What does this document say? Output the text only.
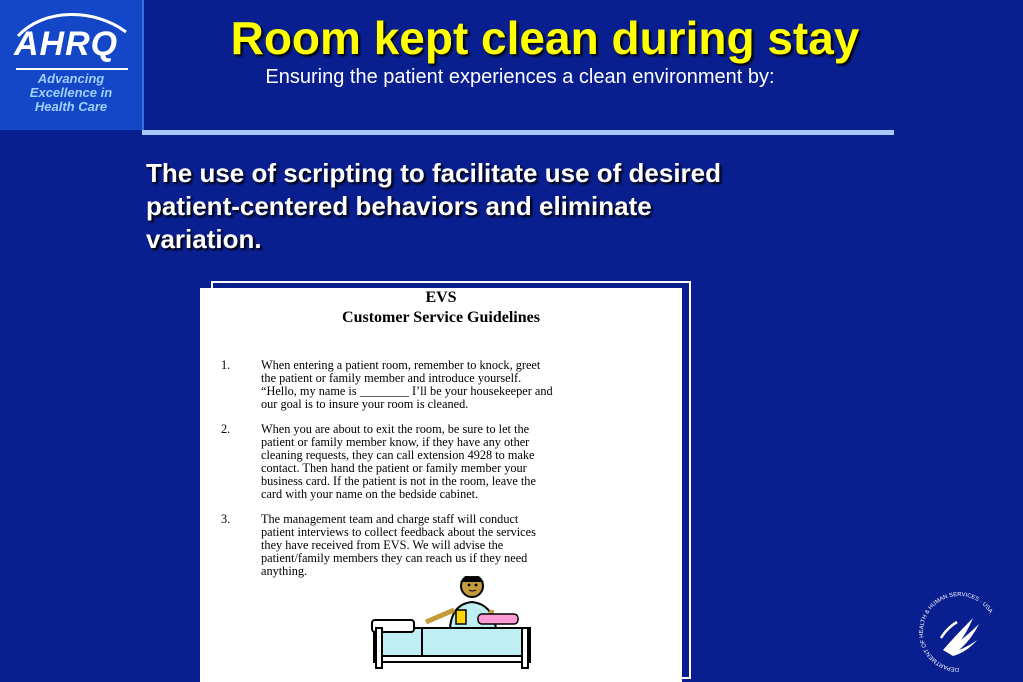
AHRQ
Advancing
Excellence in
Health Care
Room kept clean during stay
Ensuring the patient experiences a clean environment by:
The use of scripting to facilitate use of desired patient-centered behaviors and eliminate variation.
EVS
Customer Service Guidelines
1.	When entering a patient room, remember to knock, greet
the patient or family member and introduce yourself.
“Hello, my name is ________ I’ll be your housekeeper and
our goal is to insure your room is cleaned.
2.	When you are about to exit the room, be sure to let the
patient or family member know, if they have any other
cleaning requests, they can call extension 4928 to make
contact. Then hand the patient or family member your
business card. If the patient is not in the room, leave the
card with your name on the bedside cabinet.
3.	The management team and charge staff will conduct
patient interviews to collect feedback about the services
they have received from EVS. We will advise the
patient/family members they can reach us if they need
anything.
DEPARTMENT OF HEALTH & HUMAN SERVICES · USA
